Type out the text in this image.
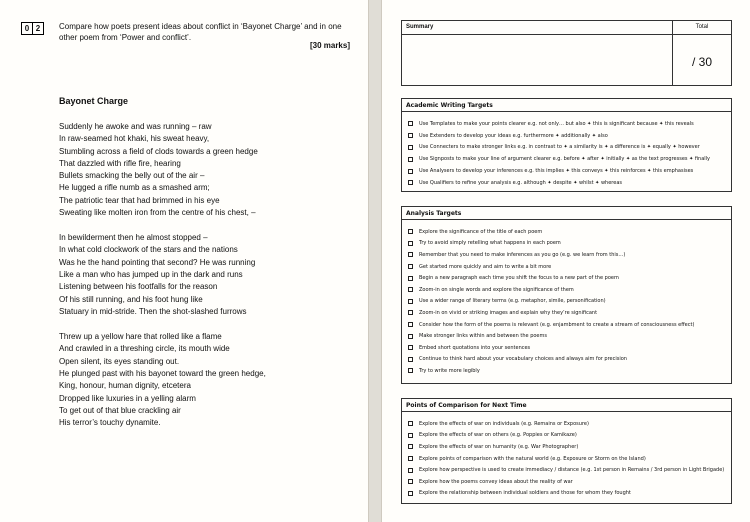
0 2	Compare how poets present ideas about conflict in ‘Bayonet Charge’ and in one other poem from ‘Power and conflict’.
[30 marks]
Bayonet Charge
Suddenly he awoke and was running – raw
In raw-seamed hot khaki, his sweat heavy,
Stumbling across a field of clods towards a green hedge
That dazzled with rifle fire, hearing
Bullets smacking the belly out of the air –
He lugged a rifle numb as a smashed arm;
The patriotic tear that had brimmed in his eye
Sweating like molten iron from the centre of his chest, –
In bewilderment then he almost stopped –
In what cold clockwork of the stars and the nations
Was he the hand pointing that second? He was running
Like a man who has jumped up in the dark and runs
Listening between his footfalls for the reason
Of his still running, and his foot hung like
Statuary in mid-stride. Then the shot-slashed furrows
Threw up a yellow hare that rolled like a flame
And crawled in a threshing circle, its mouth wide
Open silent, its eyes standing out.
He plunged past with his bayonet toward the green hedge,
King, honour, human dignity, etcetera
Dropped like luxuries in a yelling alarm
To get out of that blue crackling air
His terror’s touchy dynamite.
Summary	Total
/ 30
Academic Writing Targets
Use Templates to make your points clearer e.g. not only… but also ✦ this is significant because ✦ this reveals
Use Extenders to develop your ideas e.g. furthermore ✦ additionally ✦ also
Use Connecters to make stronger links e.g. in contrast to ✦ a similarity is ✦ a difference is ✦ equally ✦ however
Use Signposts to make your line of argument clearer e.g. before ✦ after ✦ initially ✦ as the text progresses ✦ finally
Use Analysers to develop your inferences e.g. this implies ✦ this conveys ✦ this reinforces ✦ this emphasises
Use Qualifiers to refine your analysis e.g. although ✦ despite ✦ whilst ✦ whereas
Analysis Targets
Explore the significance of the title of each poem
Try to avoid simply retelling what happens in each poem
Remember that you need to make inferences as you go (e.g. we learn from this…)
Get started more quickly and aim to write a bit more
Begin a new paragraph each time you shift the focus to a new part of the poem
Zoom-in on single words and explore the significance of them
Use a wider range of literary terms (e.g. metaphor, simile, personification)
Zoom-in on vivid or striking images and explain why they’re significant
Consider how the form of the poems is relevant (e.g. enjambment to create a stream of consciousness effect)
Make stronger links within and between the poems
Embed short quotations into your sentences
Continue to think hard about your vocabulary choices and always aim for precision
Try to write more legibly
Points of Comparison for Next Time
Explore the effects of war on individuals (e.g. Remains or Exposure)
Explore the effects of war on others (e.g. Poppies or Kamikaze)
Explore the effects of war on humanity (e.g. War Photographer)
Explore points of comparison with the natural world (e.g. Exposure or Storm on the Island)
Explore how perspective is used to create immediacy / distance (e.g. 1st person in Remains / 3rd person in Light Brigade)
Explore how the poems convey ideas about the reality of war
Explore the relationship between individual soldiers and those for whom they fought
